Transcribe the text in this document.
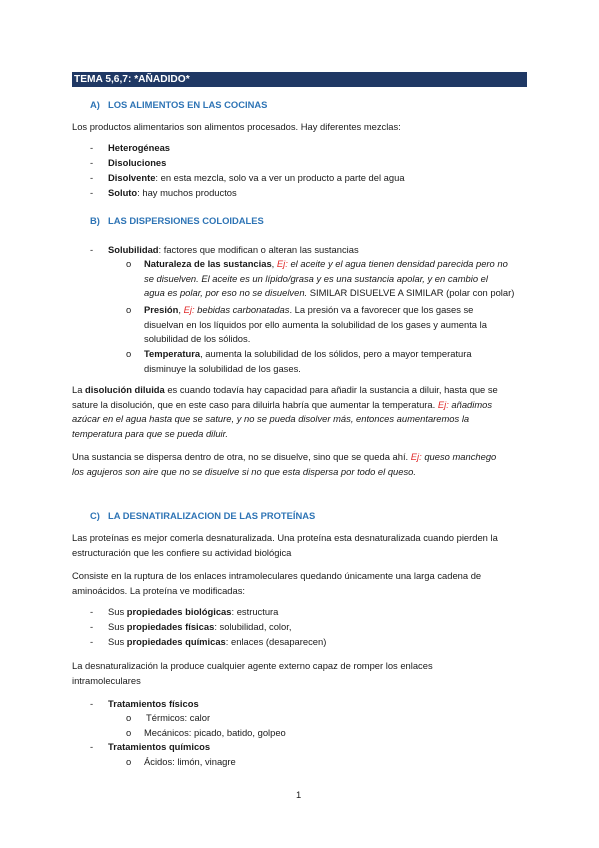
TEMA 5,6,7: *AÑADIDO*
A) LOS ALIMENTOS EN LAS COCINAS
Los productos alimentarios son alimentos procesados. Hay diferentes mezclas:
- Heterogéneas
- Disoluciones
- Disolvente: en esta mezcla, solo va a ver un producto a parte del agua
- Soluto: hay muchos productos
B) LAS DISPERSIONES COLOIDALES
- Solubilidad: factores que modifican o alteran las sustancias
o Naturaleza de las sustancias, Ej: el aceite y el agua tienen densidad parecida pero no
se disuelven. El aceite es un lípido/grasa y es una sustancia apolar, y en cambio el
agua es polar, por eso no se disuelven. SIMILAR DISUELVE A SIMILAR (polar con polar)
o Presión, Ej: bebidas carbonatadas. La presión va a favorecer que los gases se
disuelvan en los líquidos por ello aumenta la solubilidad de los gases y aumenta la
solubilidad de los sólidos.
o Temperatura, aumenta la solubilidad de los sólidos, pero a mayor temperatura
disminuye la solubilidad de los gases.
La disolución diluida es cuando todavía hay capacidad para añadir la sustancia a diluir, hasta que se
sature la disolución, que en este caso para diluirla habría que aumentar la temperatura. Ej: añadimos
azúcar en el agua hasta que se sature, y no se pueda disolver más, entonces aumentaremos la
temperatura para que se pueda diluir.
Una sustancia se dispersa dentro de otra, no se disuelve, sino que se queda ahí. Ej: queso manchego
los agujeros son aire que no se disuelve si no que esta dispersa por todo el queso.
C) LA DESNATIRALIZACION DE LAS PROTEÍNAS
Las proteínas es mejor comerla desnaturalizada. Una proteína esta desnaturalizada cuando pierden la
estructuración que les confiere su actividad biológica
Consiste en la ruptura de los enlaces intramoleculares quedando únicamente una larga cadena de
aminoácidos. La proteína ve modificadas:
- Sus propiedades biológicas: estructura
- Sus propiedades físicas: solubilidad, color,
- Sus propiedades químicas: enlaces (desaparecen)
La desnaturalización la produce cualquier agente externo capaz de romper los enlaces
intramoleculares
- Tratamientos físicos
o Térmicos: calor
o Mecánicos: picado, batido, golpeo
- Tratamientos químicos
o Ácidos: limón, vinagre
1
